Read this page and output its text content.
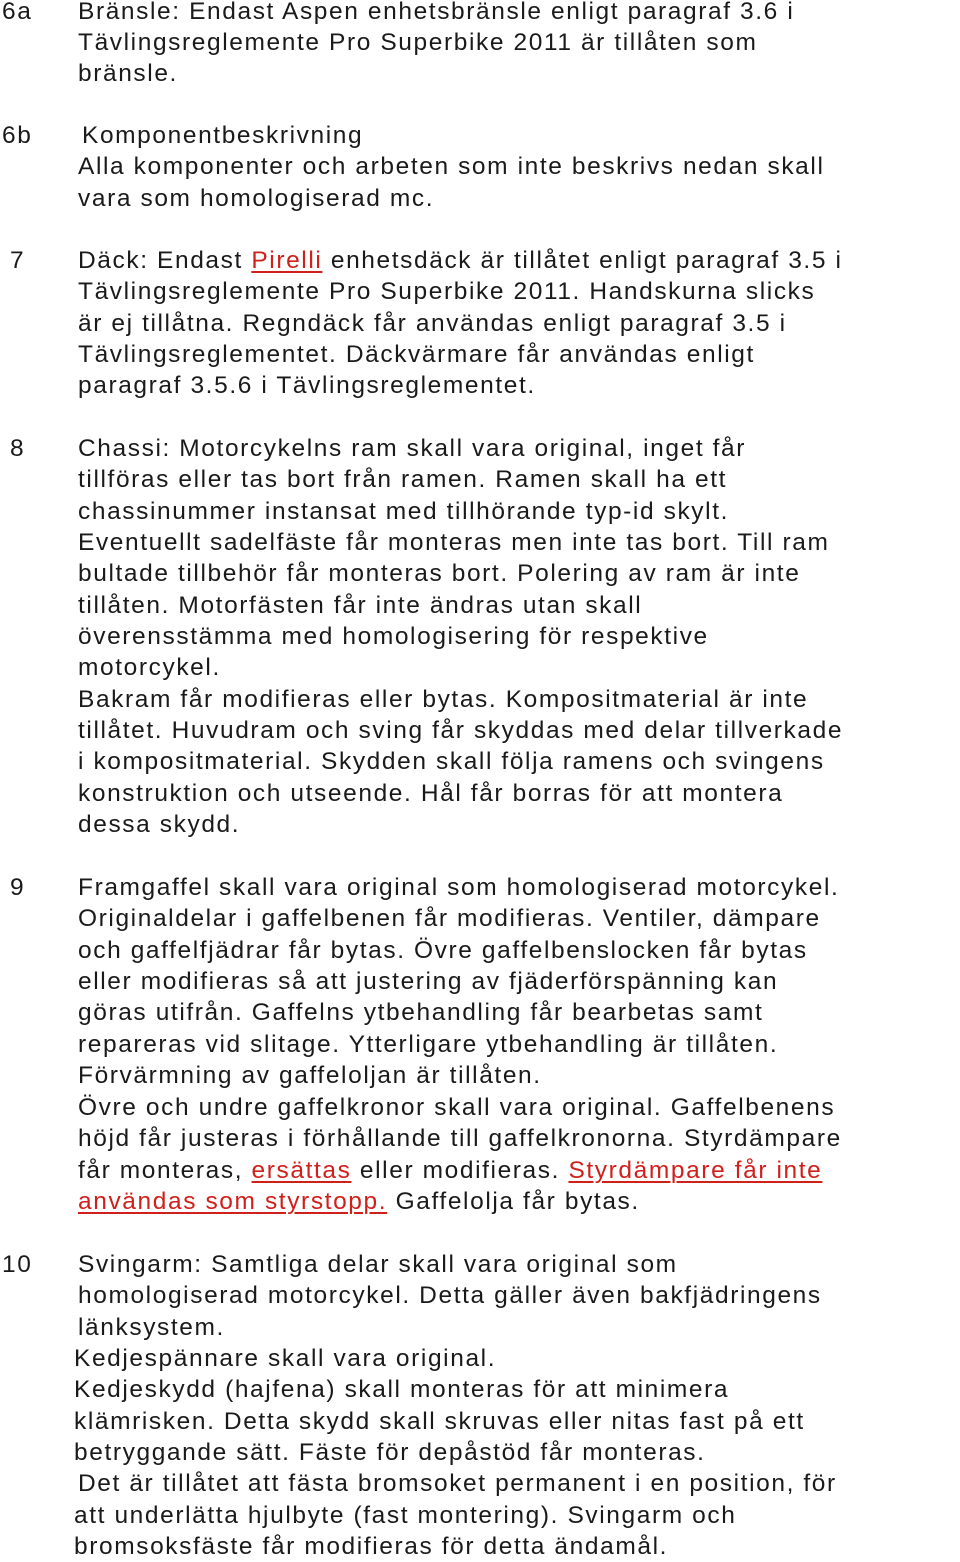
6a Bränsle: Endast Aspen enhetsbränsle enligt paragraf 3.6 i
Tävlingsreglemente Pro Superbike 2011 är tillåten som
bränsle.
6b Komponentbeskrivning
Alla komponenter och arbeten som inte beskrivs nedan skall
vara som homologiserad mc.
7 Däck: Endast Pirelli enhetsdäck är tillåtet enligt paragraf 3.5 i
Tävlingsreglemente Pro Superbike 2011. Handskurna slicks
är ej tillåtna. Regndäck får användas enligt paragraf 3.5 i
Tävlingsreglementet. Däckvärmare får användas enligt
paragraf 3.5.6 i Tävlingsreglementet.
8 Chassi: Motorcykelns ram skall vara original, inget får
tillföras eller tas bort från ramen. Ramen skall ha ett
chassinummer instansat med tillhörande typ-id skylt.
Eventuellt sadelfäste får monteras men inte tas bort. Till ram
bultade tillbehör får monteras bort. Polering av ram är inte
tillåten. Motorfästen får inte ändras utan skall
överensstämma med homologisering för respektive
motorcykel.
Bakram får modifieras eller bytas. Kompositmaterial är inte
tillåtet. Huvudram och sving får skyddas med delar tillverkade
i kompositmaterial. Skydden skall följa ramens och svingens
konstruktion och utseende. Hål får borras för att montera
dessa skydd.
9 Framgaffel skall vara original som homologiserad motorcykel.
Originaldelar i gaffelbenen får modifieras. Ventiler, dämpare
och gaffelfjädrar får bytas. Övre gaffelbenslocken får bytas
eller modifieras så att justering av fjäderförspänning kan
göras utifrån. Gaffelns ytbehandling får bearbetas samt
repareras vid slitage. Ytterligare ytbehandling är tillåten.
Förvärmning av gaffeloljan är tillåten.
Övre och undre gaffelkronor skall vara original. Gaffelbenens
höjd får justeras i förhållande till gaffelkronorna. Styrdämpare
får monteras, ersättas eller modifieras. Styrdämpare får inte
användas som styrstopp. Gaffelolja får bytas.
10 Svingarm: Samtliga delar skall vara original som
homologiserad motorcykel. Detta gäller även bakfjädringens
länksystem.
Kedjespännare skall vara original.
Kedjeskydd (hajfena) skall monteras för att minimera
klämrisken. Detta skydd skall skruvas eller nitas fast på ett
betryggande sätt. Fäste för depåstöd får monteras.
Det är tillåtet att fästa bromsoket permanent i en position, för
att underlätta hjulbyte (fast montering). Svingarm och
bromsoksfäste får modifieras för detta ändamål.
